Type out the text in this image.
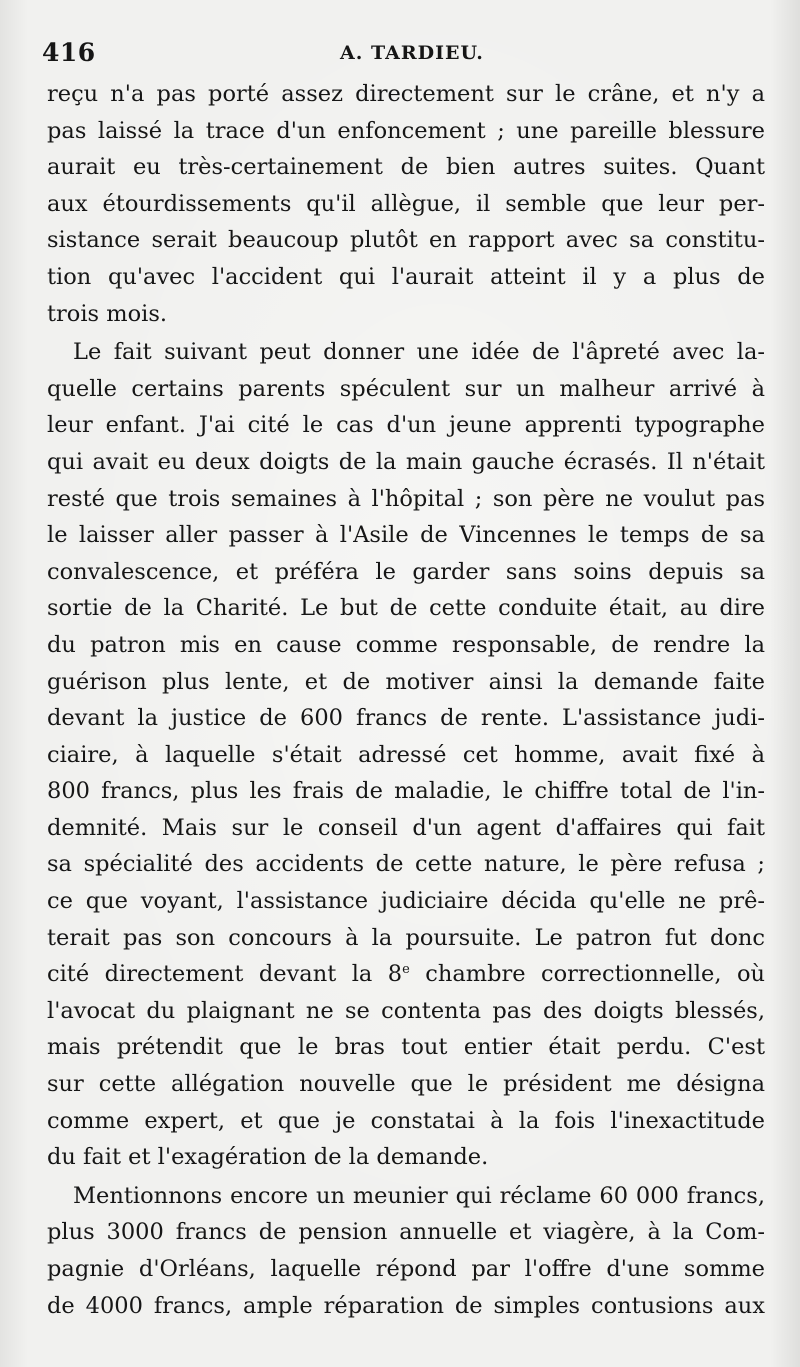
416	A. TARDIEU.
reçu n'a pas porté assez directement sur le crâne, et n'y a
pas laissé la trace d'un enfoncement ; une pareille blessure
aurait eu très-certainement de bien autres suites. Quant
aux étourdissements qu'il allègue, il semble que leur per-
sistance serait beaucoup plutôt en rapport avec sa constitu-
tion qu'avec l'accident qui l'aurait atteint il y a plus de
trois mois.
Le fait suivant peut donner une idée de l'âpreté avec la-
quelle certains parents spéculent sur un malheur arrivé à
leur enfant. J'ai cité le cas d'un jeune apprenti typographe
qui avait eu deux doigts de la main gauche écrasés. Il n'était
resté que trois semaines à l'hôpital ; son père ne voulut pas
le laisser aller passer à l'Asile de Vincennes le temps de sa
convalescence, et préféra le garder sans soins depuis sa
sortie de la Charité. Le but de cette conduite était, au dire
du patron mis en cause comme responsable, de rendre la
guérison plus lente, et de motiver ainsi la demande faite
devant la justice de 600 francs de rente. L'assistance judi-
ciaire, à laquelle s'était adressé cet homme, avait fixé à
800 francs, plus les frais de maladie, le chiffre total de l'in-
demnité. Mais sur le conseil d'un agent d'affaires qui fait
sa spécialité des accidents de cette nature, le père refusa ;
ce que voyant, l'assistance judiciaire décida qu'elle ne prê-
terait pas son concours à la poursuite. Le patron fut donc
cité directement devant la 8e chambre correctionnelle, où
l'avocat du plaignant ne se contenta pas des doigts blessés,
mais prétendit que le bras tout entier était perdu. C'est
sur cette allégation nouvelle que le président me désigna
comme expert, et que je constatai à la fois l'inexactitude
du fait et l'exagération de la demande.
Mentionnons encore un meunier qui réclame 60 000 francs,
plus 3000 francs de pension annuelle et viagère, à la Com-
pagnie d'Orléans, laquelle répond par l'offre d'une somme
de 4000 francs, ample réparation de simples contusions aux
